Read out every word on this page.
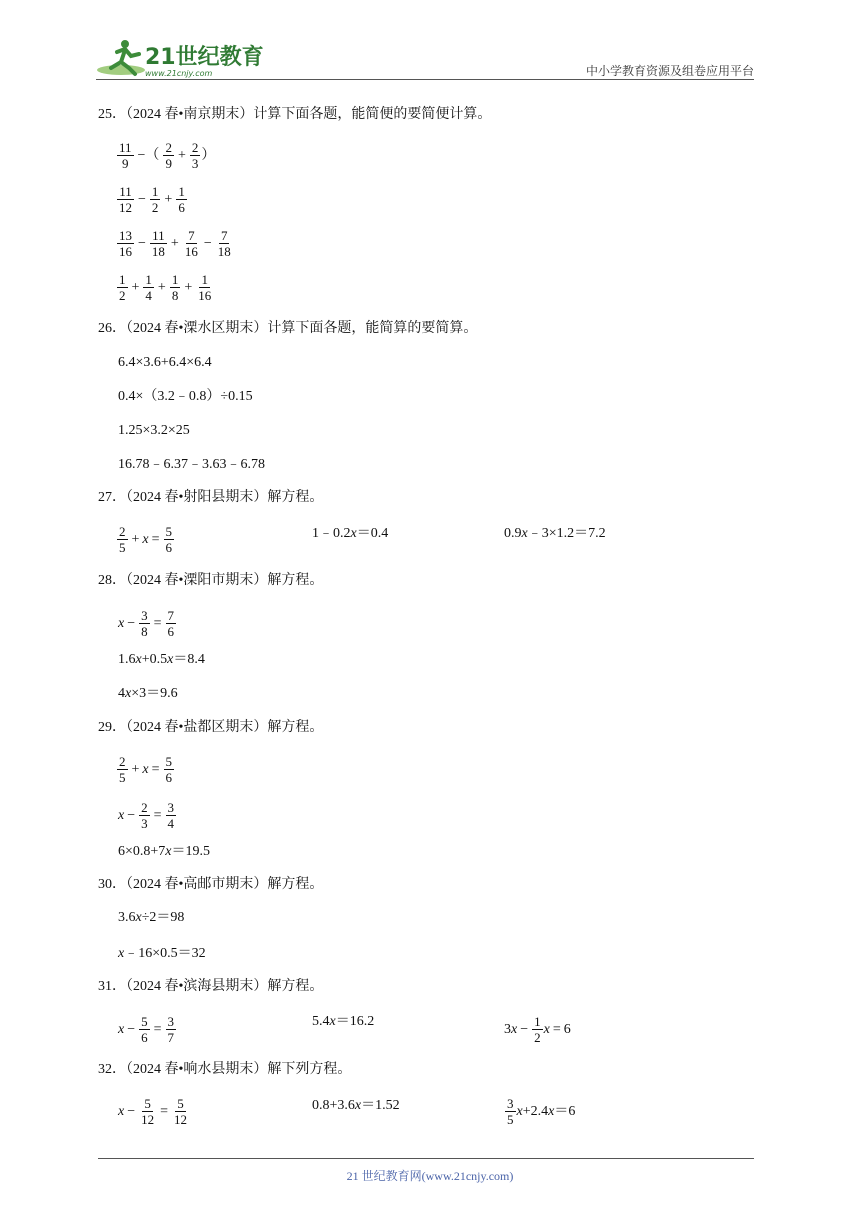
21世纪教育
www.21cnjy.com	中小学教育资源及组卷应用平台
25．（2024 春•南京期末）计算下面各题，能简便的要简便计算。
$\frac{11}{9}$ −（ $\frac{2}{9} + \frac{2}{3}$ ）
$\frac{11}{12} - \frac{1}{2} + \frac{1}{6}$
$\frac{13}{16} - \frac{11}{18} + \frac{7}{16} - \frac{7}{18}$
$\frac{1}{2} + \frac{1}{4} + \frac{1}{8} + \frac{1}{16}$
26．（2024 春•溧水区期末）计算下面各题，能简算的要简算。
6.4×3.6+6.4×6.4
0.4×（3.2﹣0.8）÷0.15
1.25×3.2×25
16.78﹣6.37﹣3.63﹣6.78
27．（2024 春•射阳县期末）解方程。
$\frac{2}{5} + x = \frac{5}{6}$	1﹣0.2 x ＝0.4	0.9 x ﹣3×1.2＝7.2
28．（2024 春•溧阳市期末）解方程。
$x - \frac{3}{8} = \frac{7}{6}$
1.6 x +0.5 x ＝8.4
4 x ×3＝9.6
29．（2024 春•盐都区期末）解方程。
$\frac{2}{5} + x = \frac{5}{6}$
$x - \frac{2}{3} = \frac{3}{4}$
6×0.8+7 x ＝19.5
30．（2024 春•高邮市期末）解方程。
3.6 x ÷2＝98
x ﹣16×0.5＝32
31．（2024 春•滨海县期末）解方程。
$x - \frac{5}{6} = \frac{3}{7}$	5.4 x ＝16.2	3 $x - \frac{1}{2}$ x = 6
32．（2024 春•响水县期末）解下列方程。
$x - \frac{5}{12} = \frac{5}{12}$	0.8+3.6 x ＝1.52	$\frac{3}{5}$ x +2.4 x ＝6
21 世纪教育网(www.21cnjy.com)
